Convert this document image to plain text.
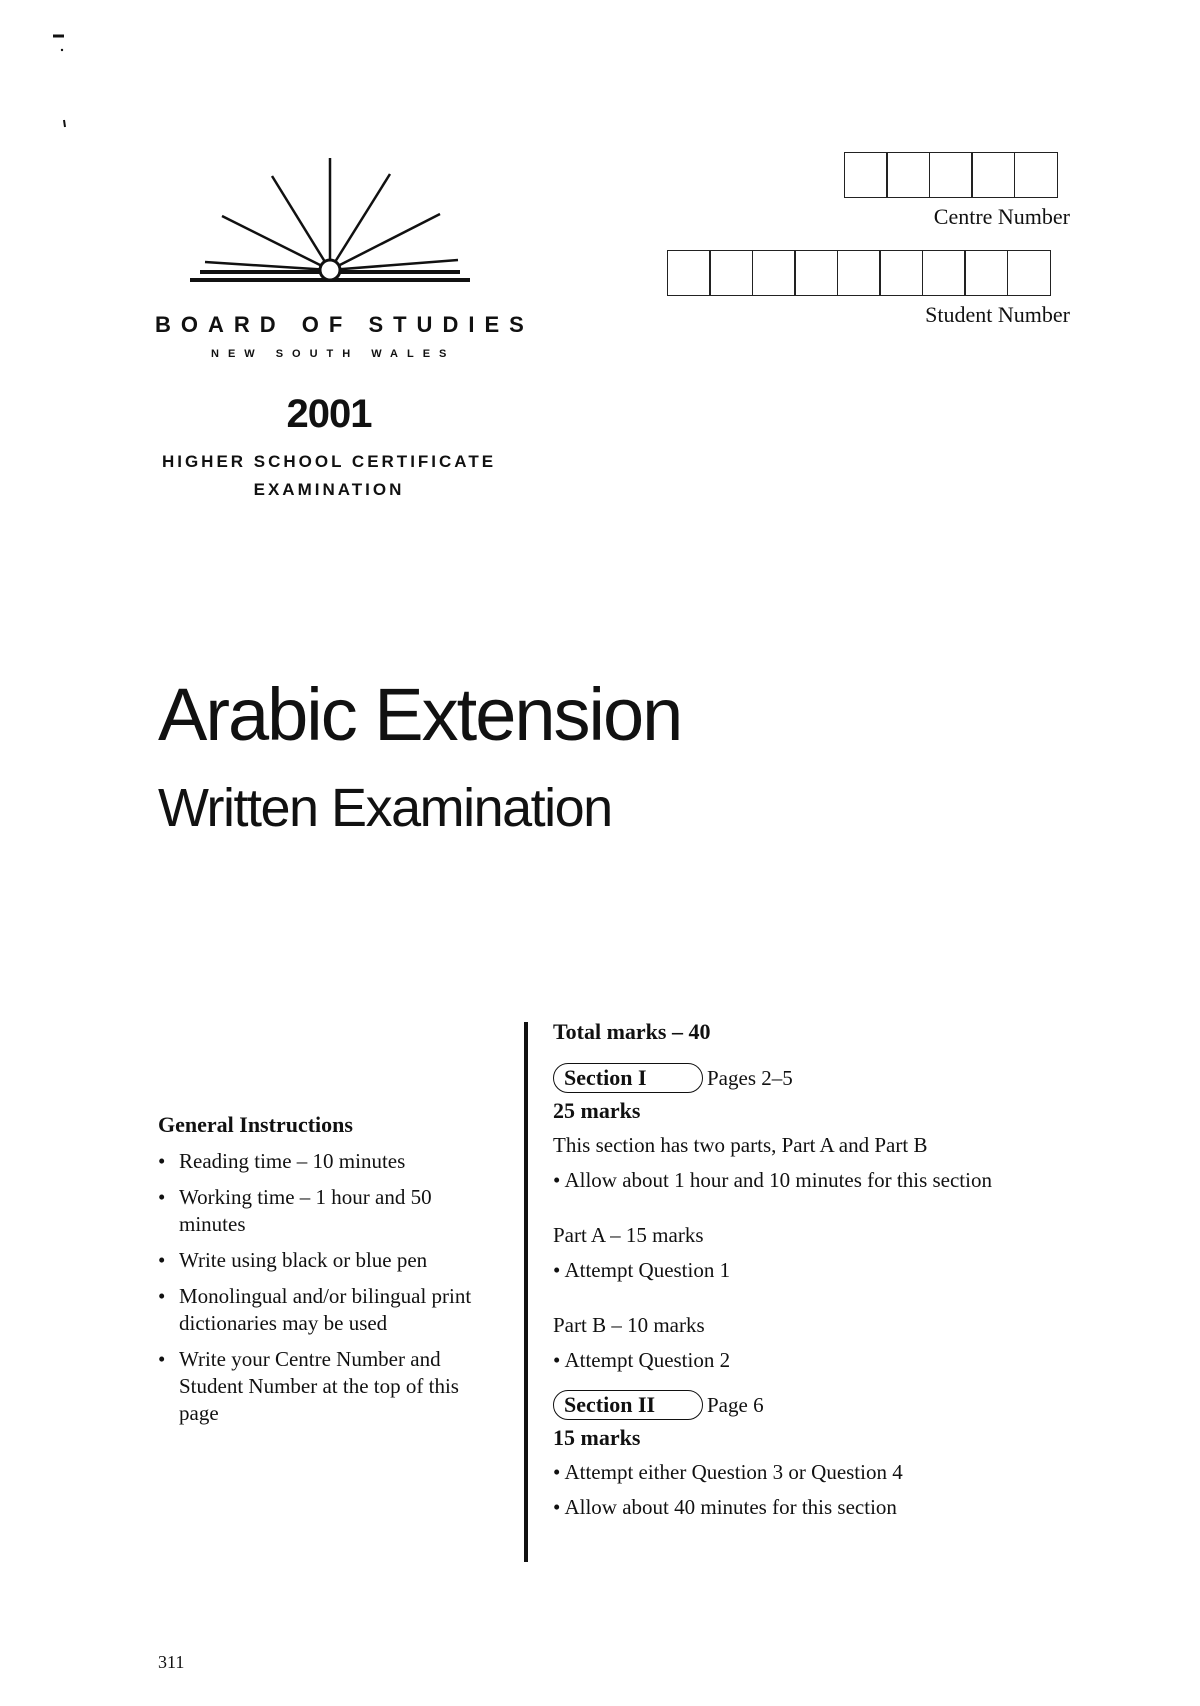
BOARD OF STUDIES
NEW SOUTH WALES
2001
HIGHER SCHOOL CERTIFICATE
EXAMINATION
Centre Number
Student Number
Arabic Extension
Written Examination
General Instructions
• Reading time – 10 minutes
• Working time – 1 hour and 50 minutes
• Write using black or blue pen
• Monolingual and/or bilingual print dictionaries may be used
• Write your Centre Number and Student Number at the top of this page
Total marks – 40
Section I	Pages 2–5
25 marks
This section has two parts, Part A and Part B
• Allow about 1 hour and 10 minutes for this section
Part A – 15 marks
• Attempt Question 1
Part B – 10 marks
• Attempt Question 2
Section II	Page 6
15 marks
• Attempt either Question 3 or Question 4
• Allow about 40 minutes for this section
311
